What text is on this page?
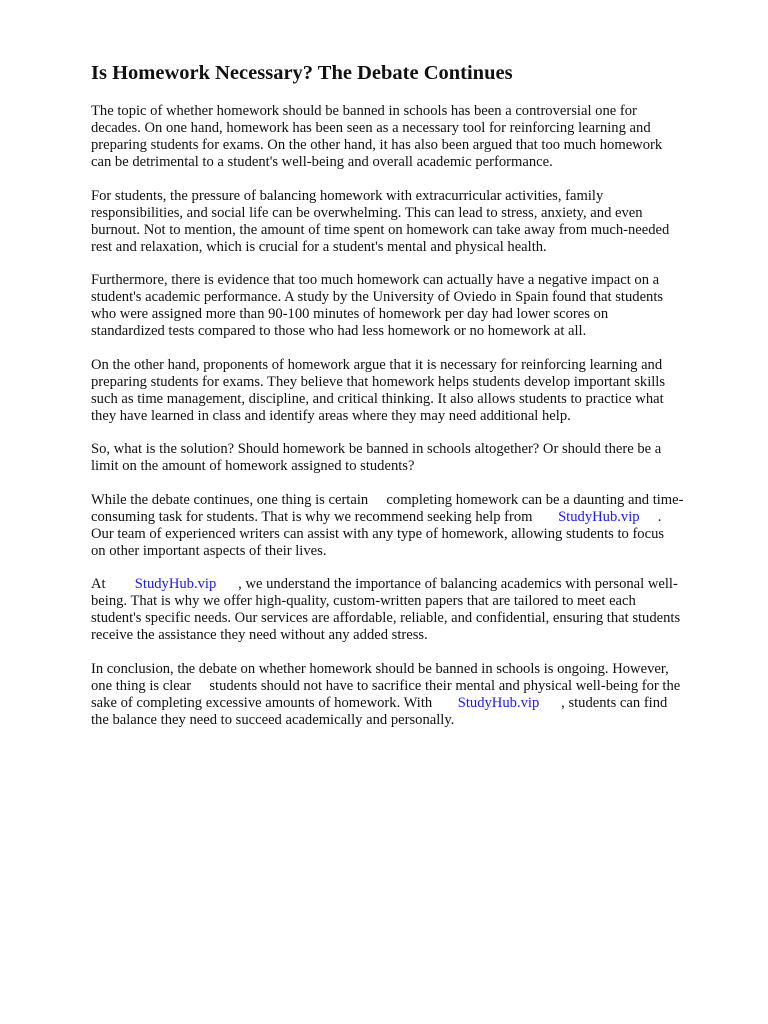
Is Homework Necessary? The Debate Continues

The topic of whether homework should be banned in schools has been a controversial one for
decades. On one hand, homework has been seen as a necessary tool for reinforcing learning and
preparing students for exams. On the other hand, it has also been argued that too much homework
can be detrimental to a student's well-being and overall academic performance.

For students, the pressure of balancing homework with extracurricular activities, family
responsibilities, and social life can be overwhelming. This can lead to stress, anxiety, and even
burnout. Not to mention, the amount of time spent on homework can take away from much-needed
rest and relaxation, which is crucial for a student's mental and physical health.

Furthermore, there is evidence that too much homework can actually have a negative impact on a
student's academic performance. A study by the University of Oviedo in Spain found that students
who were assigned more than 90-100 minutes of homework per day had lower scores on
standardized tests compared to those who had less homework or no homework at all.

On the other hand, proponents of homework argue that it is necessary for reinforcing learning and
preparing students for exams. They believe that homework helps students develop important skills
such as time management, discipline, and critical thinking. It also allows students to practice what
they have learned in class and identify areas where they may need additional help.

So, what is the solution? Should homework be banned in schools altogether? Or should there be a
limit on the amount of homework assigned to students?

While the debate continues, one thing is certain     completing homework can be a daunting and time-
consuming task for students. That is why we recommend seeking help from       StudyHub.vip     .
Our team of experienced writers can assist with any type of homework, allowing students to focus
on other important aspects of their lives.

At        StudyHub.vip      , we understand the importance of balancing academics with personal well-
being. That is why we offer high-quality, custom-written papers that are tailored to meet each
student's specific needs. Our services are affordable, reliable, and confidential, ensuring that students
receive the assistance they need without any added stress.

In conclusion, the debate on whether homework should be banned in schools is ongoing. However,
one thing is clear     students should not have to sacrifice their mental and physical well-being for the
sake of completing excessive amounts of homework. With       StudyHub.vip      , students can find
the balance they need to succeed academically and personally.
